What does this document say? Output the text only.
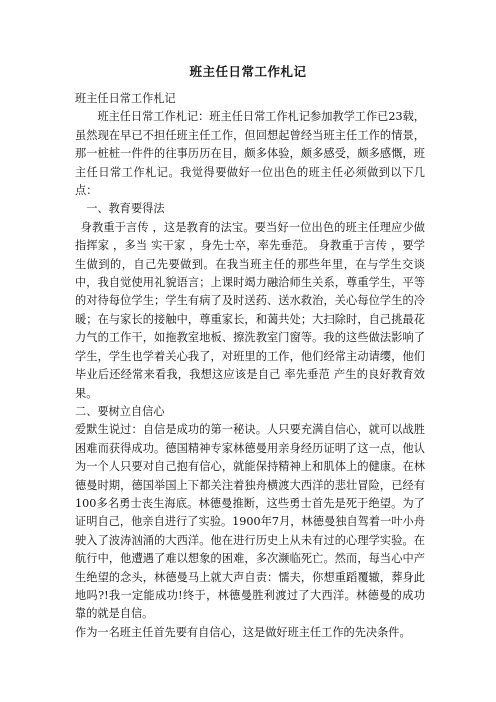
班主任日常工作札记

班主任日常工作札记

班主任日常工作札记：班主任日常工作札记参加教学工作已23载，虽然现在早已不担任班主任工作，但回想起曾经当班主任工作的情景，那一桩桩一件件的往事历历在目，颇多体验，颇多感受，颇多感慨，班主任日常工作札记。我觉得要做好一位出色的班主任必须做到以下几点：

一、教育要得法

身教重于言传 ，这是教育的法宝。要当好一位出色的班主任理应少做 指挥家 ，多当 实干家 ，身先士卒，率先垂范。 身教重于言传 ，要学生做到的，自己先要做到。在我当班主任的那些年里，在与学生交谈中，我自觉使用礼貌语言；上课时竭力融洽师生关系，尊重学生，平等的对待每位学生；学生有病了及时送药、送水救治，关心每位学生的冷暖；在与家长的接触中，尊重家长，和蔼共处；大扫除时，自己挑最花力气的工作干，如拖教室地板、擦洗教室门窗等。我的这些做法影响了学生，学生也学着关心我了，对班里的工作，他们经常主动请缨，他们毕业后还经常来看我，我想这应该是自己 率先垂范 产生的良好教育效果。

二、要树立自信心

爱默生说过：自信是成功的第一秘诀。人只要充满自信心，就可以战胜困难而获得成功。德国精神专家林德曼用亲身经历证明了这一点，他认为一个人只要对自己抱有信心，就能保持精神上和肌体上的健康。在林德曼时期，德国举国上下都关注着独舟横渡大西洋的悲壮冒险，已经有100多名勇士丧生海底。林德曼推断，这些勇士首先是死于绝望。为了证明自己，他亲自进行了实验。1900年7月，林德曼独自驾着一叶小舟驶入了波涛汹涌的大西洋。他在进行历史上从未有过的心理学实验。在航行中，他遭遇了难以想象的困难，多次濒临死亡。然而，每当心中产生绝望的念头，林德曼马上就大声自责：懦夫，你想重蹈覆辙，葬身此地吗?!我一定能成功!终于，林德曼胜利渡过了大西洋。林德曼的成功靠的就是自信。

作为一名班主任首先要有自信心，这是做好班主任工作的先决条件。
